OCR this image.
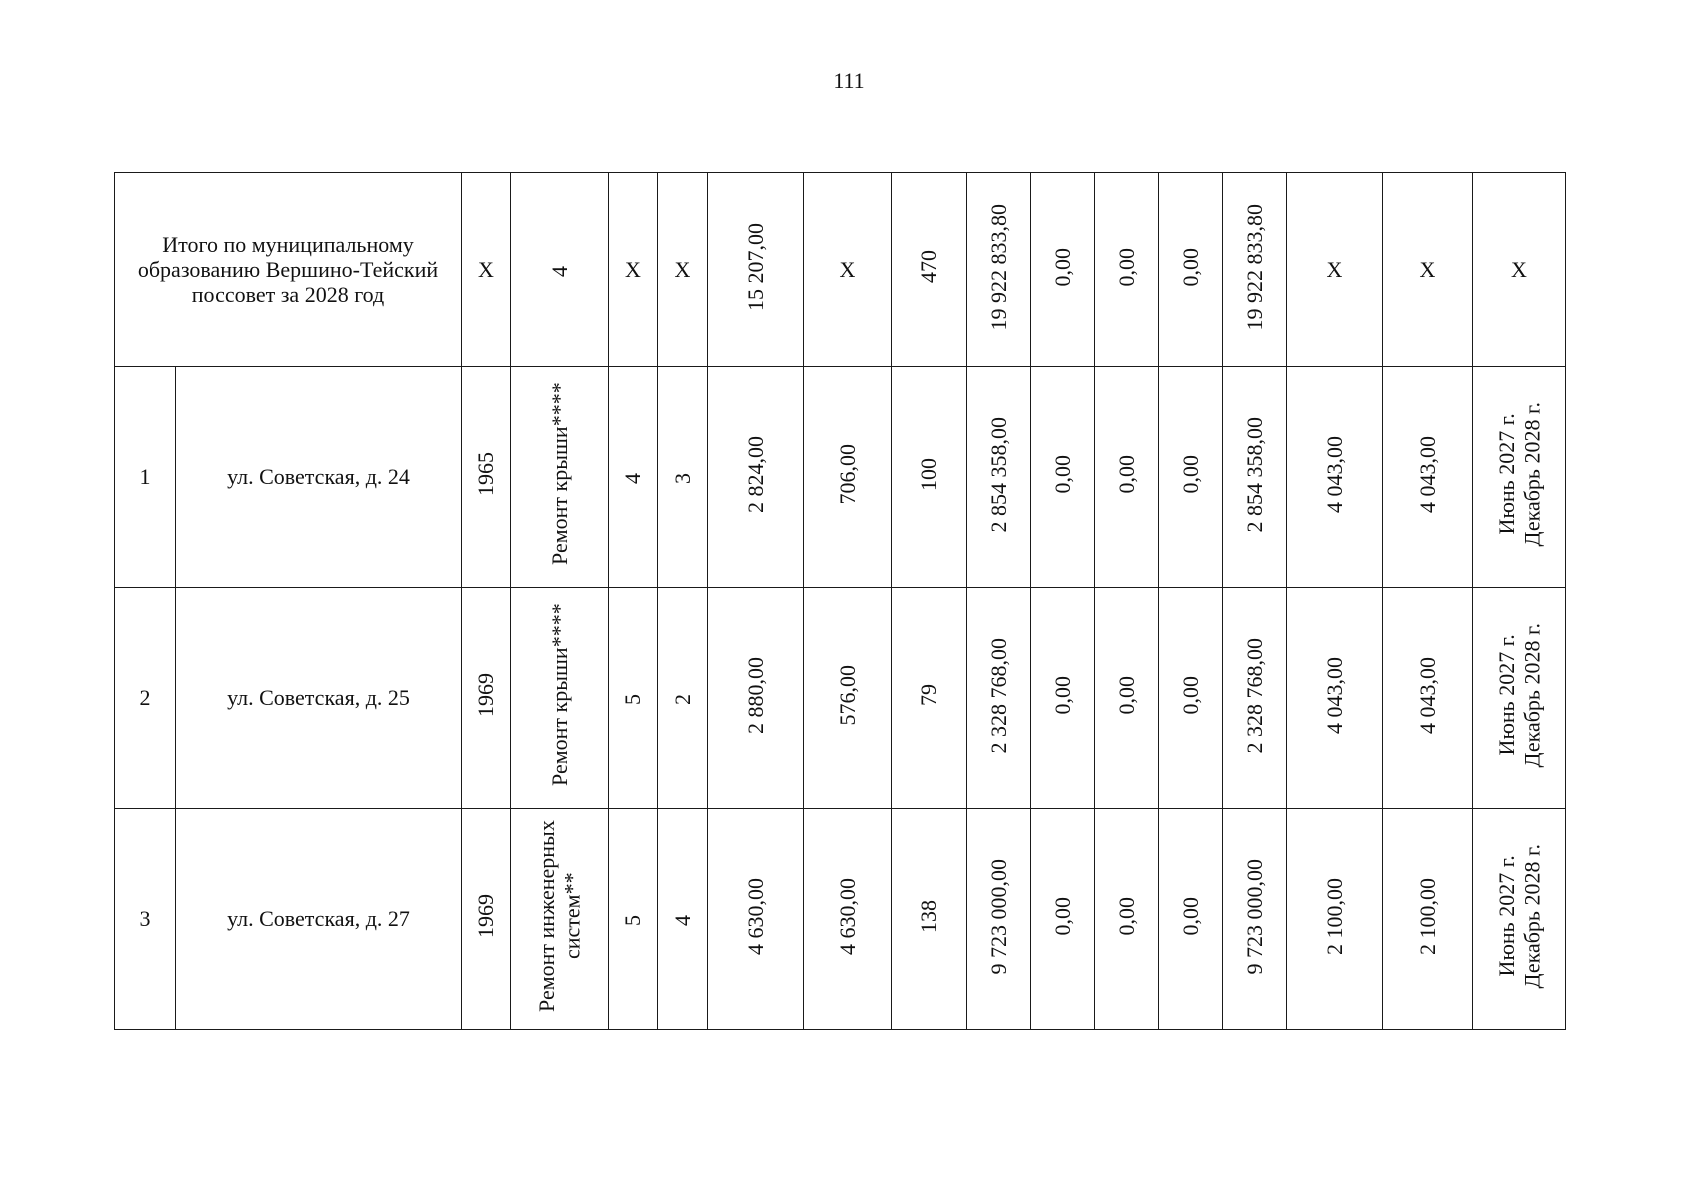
111
Итого по муниципальному образованию Вершино-Тейский поссовет за 2028 год		Х	4	Х	Х	15 207,00	Х	470	19 922 833,80	0,00	0,00	0,00	19 922 833,80	Х	Х	Х
1	ул. Советская, д. 24	1965	Ремонт крыши****	4	3	2 824,00	706,00	100	2 854 358,00	0,00	0,00	0,00	2 854 358,00	4 043,00	4 043,00	Июнь 2027 г.
Декабрь 2028 г.
2	ул. Советская, д. 25	1969	Ремонт крыши****	5	2	2 880,00	576,00	79	2 328 768,00	0,00	0,00	0,00	2 328 768,00	4 043,00	4 043,00	Июнь 2027 г.
Декабрь 2028 г.
3	ул. Советская, д. 27	1969	Ремонт инженерных систем**	5	4	4 630,00	4 630,00	138	9 723 000,00	0,00	0,00	0,00	9 723 000,00	2 100,00	2 100,00	Июнь 2027 г.
Декабрь 2028 г.
